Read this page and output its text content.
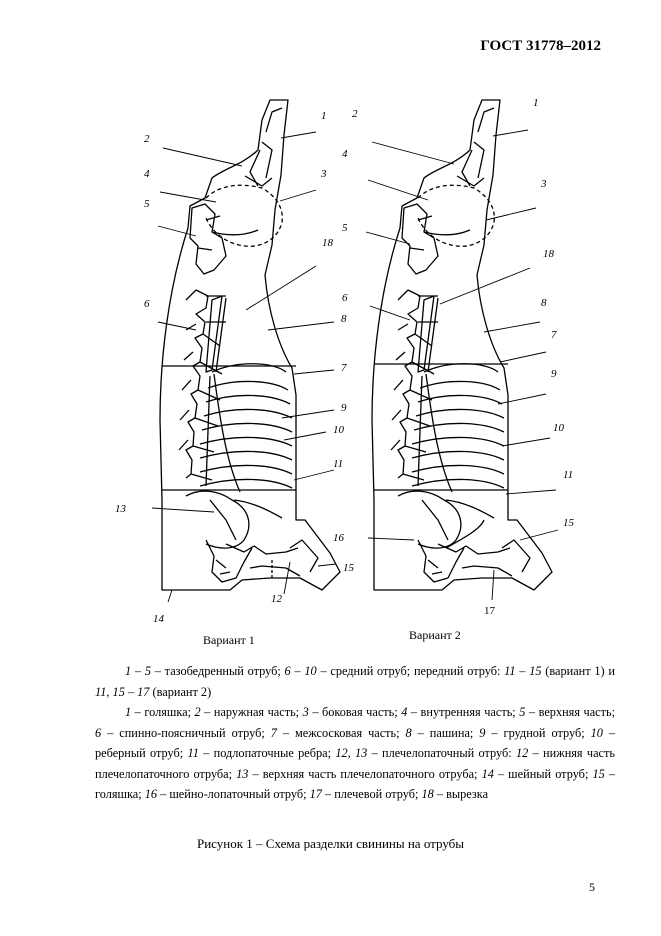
ГОСТ 31778–2012
1
2
3
4
5
6
7
8
9
10
11
12
13
14
15
18
1
2
3
4
5
6
7
8
9
10
11
15
16
17
18
Вариант 1	Вариант 2

1 – 5 – тазобедренный отруб; 6 – 10 – средний отруб; передний отруб: 11 – 15 (вариант 1) и 11, 15 – 17 (вариант 2)

1 – голяшка; 2 – наружная часть; 3 – боковая часть; 4 – внутренняя часть; 5 – верхняя часть; 6 – спинно-поясничный отруб; 7 – межсосковая часть; 8 – пашина; 9 – грудной отруб; 10 – реберный отруб; 11 – подлопаточные ребра; 12, 13 – плечелопаточный отруб: 12 – нижняя часть плечелопаточного отруба; 13 – верхняя часть плечелопаточного отруба; 14 – шейный отруб; 15 – голяшка; 16 – шейно-лопаточный отруб; 17 – плечевой отруб; 18 – вырезка

Рисунок 1 – Схема разделки свинины на отрубы
5
